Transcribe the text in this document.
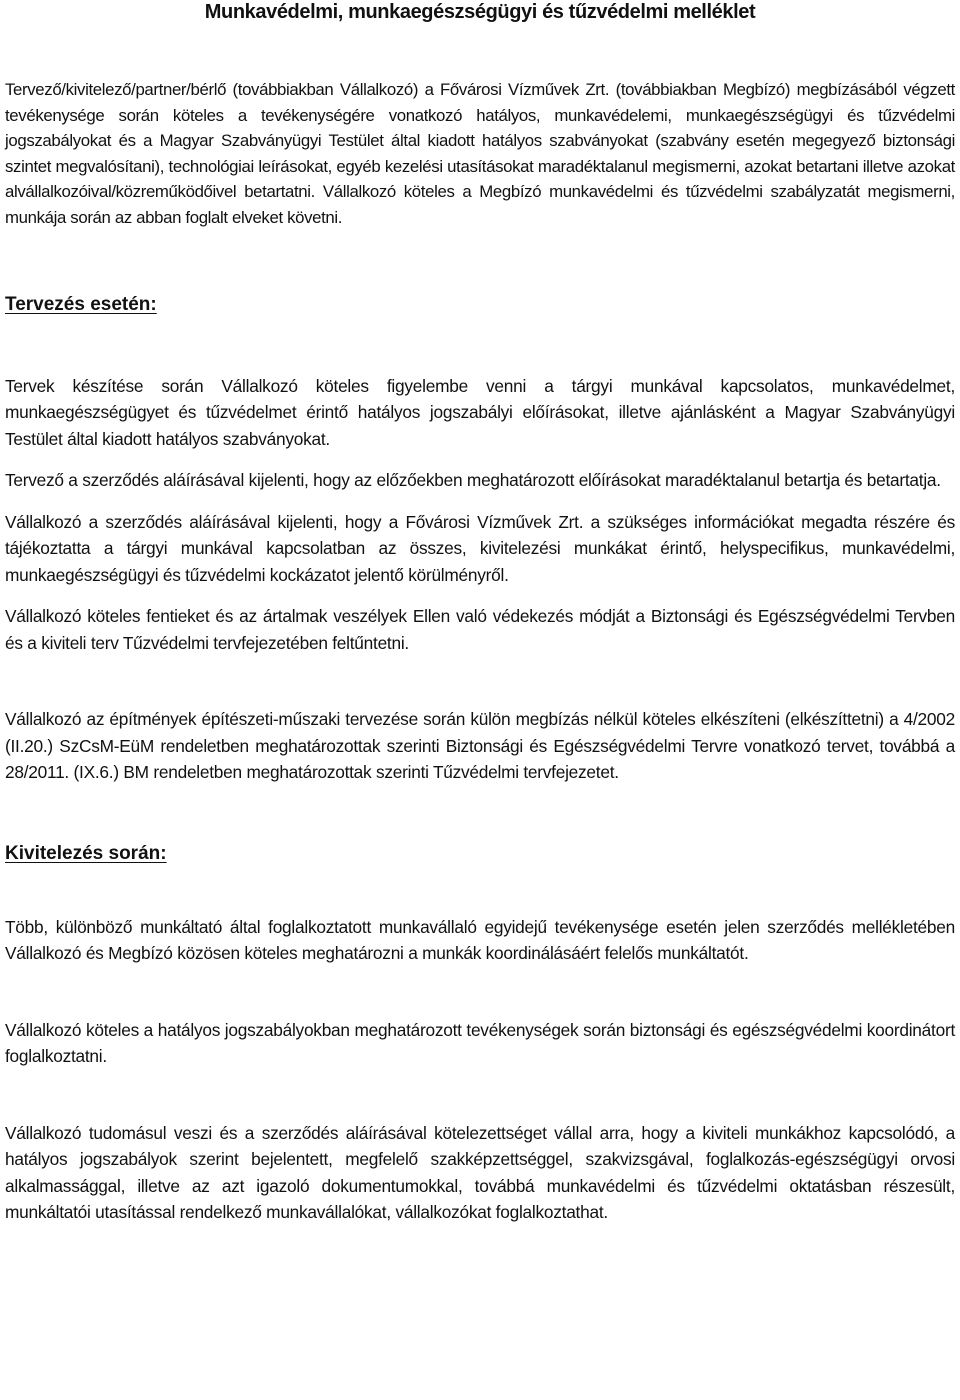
Munkavédelmi, munkaegészségügyi és tűzvédelmi melléklet

Tervező/kivitelező/partner/bérlő (továbbiakban Vállalkozó) a Fővárosi Vízművek Zrt. (továbbiakban Megbízó) megbízásából végzett tevékenysége során köteles a tevékenységére vonatkozó hatályos, munkavédelemi, munkaegészségügyi és tűzvédelmi jogszabályokat és a Magyar Szabványügyi Testület által kiadott hatályos szabványokat (szabvány esetén megegyező biztonsági szintet megvalósítani), technológiai leírásokat, egyéb kezelési utasításokat maradéktalanul megismerni, azokat betartani illetve azokat alvállalkozóival/közreműködőivel betartatni. Vállalkozó köteles a Megbízó munkavédelmi és tűzvédelmi szabályzatát megismerni, munkája során az abban foglalt elveket követni.

Tervezés esetén:

Tervek készítése során Vállalkozó köteles figyelembe venni a tárgyi munkával kapcsolatos, munkavédelmet, munkaegészségügyet és tűzvédelmet érintő hatályos jogszabályi előírásokat, illetve ajánlásként a Magyar Szabványügyi Testület által kiadott hatályos szabványokat.

Tervező a szerződés aláírásával kijelenti, hogy az előzőekben meghatározott előírásokat maradéktalanul betartja és betartatja.

Vállalkozó a szerződés aláírásával kijelenti, hogy a Fővárosi Vízművek Zrt. a szükséges információkat megadta részére és tájékoztatta a tárgyi munkával kapcsolatban az összes, kivitelezési munkákat érintő, helyspecifikus, munkavédelmi, munkaegészségügyi és tűzvédelmi kockázatot jelentő körülményről.

Vállalkozó köteles fentieket és az ártalmak veszélyek Ellen való védekezés módját a Biztonsági és Egészségvédelmi Tervben és a kiviteli terv Tűzvédelmi tervfejezetében feltűntetni.

Vállalkozó az építmények építészeti-műszaki tervezése során külön megbízás nélkül köteles elkészíteni (elkészíttetni) a 4/2002 (II.20.) SzCsM-EüM rendeletben meghatározottak szerinti Biztonsági és Egészségvédelmi Tervre vonatkozó tervet, továbbá a 28/2011. (IX.6.) BM rendeletben meghatározottak szerinti Tűzvédelmi tervfejezetet.

Kivitelezés során:

Több, különböző munkáltató által foglalkoztatott munkavállaló egyidejű tevékenysége esetén jelen szerződés mellékletében Vállalkozó és Megbízó közösen köteles meghatározni a munkák koordinálásáért felelős munkáltatót.

Vállalkozó köteles a hatályos jogszabályokban meghatározott tevékenységek során biztonsági és egészségvédelmi koordinátort foglalkoztatni.

Vállalkozó tudomásul veszi és a szerződés aláírásával kötelezettséget vállal arra, hogy a kiviteli munkákhoz kapcsolódó, a hatályos jogszabályok szerint bejelentett, megfelelő szakképzettséggel, szakvizsgával, foglalkozás-egészségügyi orvosi alkalmassággal, illetve az azt igazoló dokumentumokkal, továbbá munkavédelmi és tűzvédelmi oktatásban részesült, munkáltatói utasítással rendelkező munkavállalókat, vállalkozókat foglalkoztathat.
